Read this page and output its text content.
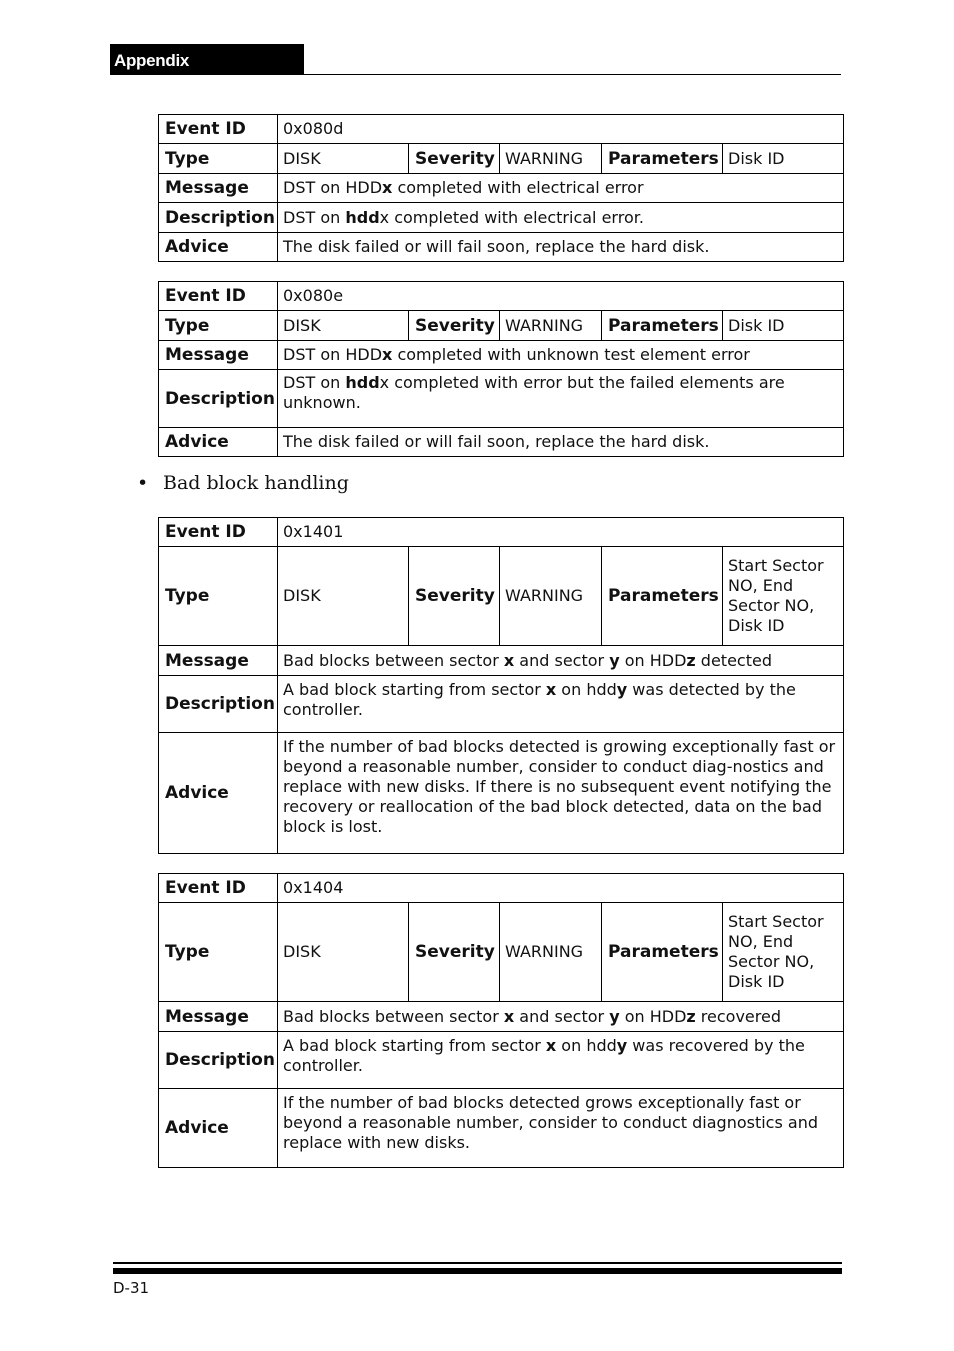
Appendix
Event ID	0x080d				
Type	DISK	Severity	WARNING	Parameters	Disk ID
Message	DST on HDDx completed with electrical error				
Description	DST on hddx completed with electrical error.				
Advice	The disk failed or will fail soon, replace the hard disk.				
Event ID	0x080e				
Type	DISK	Severity	WARNING	Parameters	Disk ID
Message	DST on HDDx completed with unknown test element error				
Description	DST on hddx completed with error but the failed elements are unknown.				
Advice	The disk failed or will fail soon, replace the hard disk.				
• Bad block handling
Event ID	0x1401				
Type	DISK	Severity	WARNING	Parameters	Start Sector NO, End Sector NO, Disk ID
Message	Bad blocks between sector x and sector y on HDDz detected				
Description	A bad block starting from sector x on hddy was detected by the controller.				
Advice	If the number of bad blocks detected is growing exceptionally fast or beyond a reasonable number, consider to conduct diag-nostics and replace with new disks. If there is no subsequent event notifying the recovery or reallocation of the bad block detected, data on the bad block is lost.				
Event ID	0x1404				
Type	DISK	Severity	WARNING	Parameters	Start Sector NO, End Sector NO, Disk ID
Message	Bad blocks between sector x and sector y on HDDz recovered				
Description	A bad block starting from sector x on hddy was recovered by the controller.				
Advice	If the number of bad blocks detected grows exceptionally fast or beyond a reasonable number, consider to conduct diagnostics and replace with new disks.				
D-31
